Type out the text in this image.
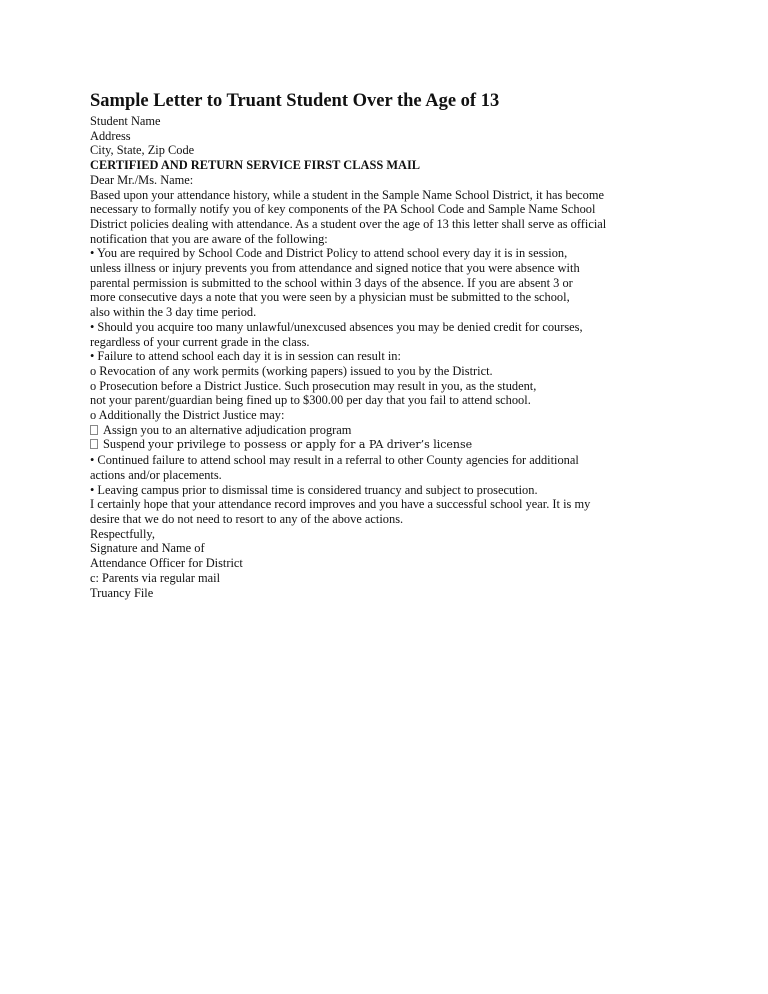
Sample Letter to Truant Student Over the Age of 13
Student Name
Address
City, State, Zip Code
CERTIFIED AND RETURN SERVICE FIRST CLASS MAIL
Dear Mr./Ms. Name:
Based upon your attendance history, while a student in the Sample Name School District, it has become
necessary to formally notify you of key components of the PA School Code and Sample Name School
District policies dealing with attendance. As a student over the age of 13 this letter shall serve as official
notification that you are aware of the following:
• You are required by School Code and District Policy to attend school every day it is in session,
unless illness or injury prevents you from attendance and signed notice that you were absence with
parental permission is submitted to the school within 3 days of the absence. If you are absent 3 or
more consecutive days a note that you were seen by a physician must be submitted to the school,
also within the 3 day time period.
• Should you acquire too many unlawful/unexcused absences you may be denied credit for courses,
regardless of your current grade in the class.
• Failure to attend school each day it is in session can result in:
o Revocation of any work permits (working papers) issued to you by the District.
o Prosecution before a District Justice. Such prosecution may result in you, as the student,
not your parent/guardian being fined up to $300.00 per day that you fail to attend school.
o Additionally the District Justice may:
Assign you to an alternative adjudication program
Suspend your privilege to possess or apply for a PA driver’s license
• Continued failure to attend school may result in a referral to other County agencies for additional
actions and/or placements.
• Leaving campus prior to dismissal time is considered truancy and subject to prosecution.
I certainly hope that your attendance record improves and you have a successful school year. It is my
desire that we do not need to resort to any of the above actions.
Respectfully,
Signature and Name of
Attendance Officer for District
c: Parents via regular mail
Truancy File
